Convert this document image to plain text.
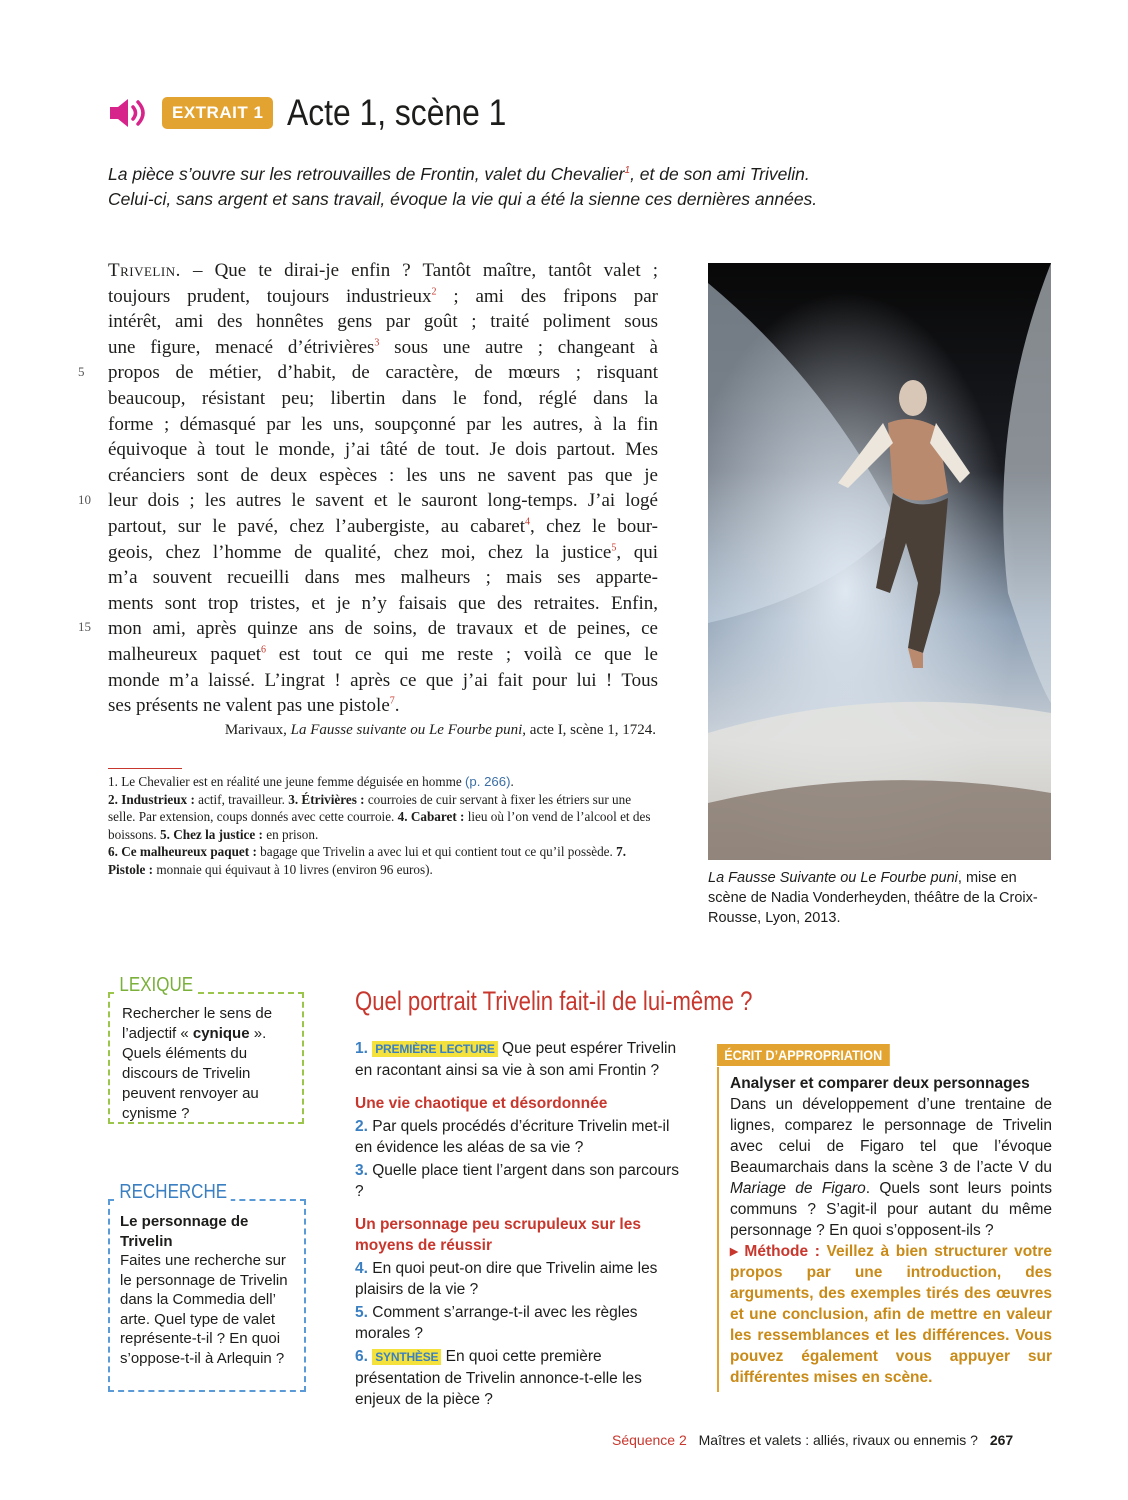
EXTRAIT 1 Acte 1, scène 1

La pièce s’ouvre sur les retrouvailles de Frontin, valet du Chevalier$^1$, et de son ami Trivelin.

Celui-ci, sans argent et sans travail, évoque la vie qui a été la sienne ces dernières années.

Trivelin. – Que te dirai-je enfin ? Tantôt maître, tantôt valet ;
toujours prudent, toujours industrieux$^2$ ; ami des fripons par
intérêt, ami des honnêtes gens par goût ; traité poliment sous
une figure, menacé d’étrivières$^3$ sous une autre ; changeant à
propos de métier, d’habit, de caractère, de mœurs ; risquant
beaucoup, résistant peu; libertin dans le fond, réglé dans la
forme ; démasqué par les uns, soupçonné par les autres, à la fin
équivoque à tout le monde, j’ai tâté de tout. Je dois partout. Mes
créanciers sont de deux espèces : les uns ne savent pas que je
leur dois ; les autres le savent et le sauront long-temps. J’ai logé
partout, sur le pavé, chez l’aubergiste, au cabaret$^4$, chez le bour-
geois, chez l’homme de qualité, chez moi, chez la justice$^5$, qui
m’a souvent recueilli dans mes malheurs ; mais ses apparte-
ments sont trop tristes, et je n’y faisais que des retraites. Enfin,
mon ami, après quinze ans de soins, de travaux et de peines, ce
malheureux paquet$^6$ est tout ce qui me reste ; voilà ce que le
monde m’a laissé. L’ingrat ! après ce que j’ai fait pour lui ! Tous
ses présents ne valent pas une pistole$^7$.
5
10
15
Marivaux, La Fausse suivante ou Le Fourbe puni, acte I, scène 1, 1724.

1. Le Chevalier est en réalité une jeune femme déguisée en homme (p. 266).

2. Industrieux : actif, travailleur. 3. Étrivières : courroies de cuir servant à fixer les étriers sur une selle. Par extension, coups donnés avec cette courroie. 4. Cabaret : lieu où l’on vend de l’alcool et des boissons. 5. Chez la justice : en prison.

6. Ce malheureux paquet : bagage que Trivelin a avec lui et qui contient tout ce qu’il possède. 7. Pistole : monnaie qui équivaut à 10 livres (environ 96 euros).

La Fausse Suivante ou Le Fourbe puni, mise en scène de Nadia Vonderheyden, théâtre de la Croix-Rousse, Lyon, 2013.
LEXIQUE
Rechercher le sens de l’adjectif « cynique ». Quels éléments du discours de Trivelin peuvent renvoyer au cynisme ?
RECHERCHE
Le personnage de Trivelin
Faites une recherche sur le personnage de Trivelin dans la Commedia dell’ arte. Quel type de valet représente-t-il ? En quoi s’oppose-t-il à Arlequin ?
Quel portrait Trivelin fait-il de lui-même ?

1. PREMIÈRE LECTURE Que peut espérer Trivelin en racontant ainsi sa vie à son ami Frontin ?

Une vie chaotique et désordonnée

2. Par quels procédés d’écriture Trivelin met-il en évidence les aléas de sa vie ?

3. Quelle place tient l’argent dans son parcours ?

Un personnage peu scrupuleux sur les moyens de réussir

4. En quoi peut-on dire que Trivelin aime les plaisirs de la vie ?

5. Comment s’arrange-t-il avec les règles morales ?

6. SYNTHÈSE En quoi cette première présentation de Trivelin annonce-t-elle les enjeux de la pièce ?

ÉCRIT D’APPROPRIATION

Analyser et comparer deux personnages

Dans un développement d’une trentaine de lignes, comparez le personnage de Trivelin avec celui de Figaro tel que l’évoque Beaumarchais dans la scène 3 de l’acte V du Mariage de Figaro. Quels sont leurs points communs ? S’agit-il pour autant du même personnage ? En quoi s’opposent-ils ?

▸ Méthode : Veillez à bien structurer votre propos par une introduction, des arguments, des exemples tirés des œuvres et une conclusion, afin de mettre en valeur les ressemblances et les différences. Vous pouvez également vous appuyer sur différentes mises en scène.

Séquence 2 Maîtres et valets : alliés, rivaux ou ennemis ? 267
